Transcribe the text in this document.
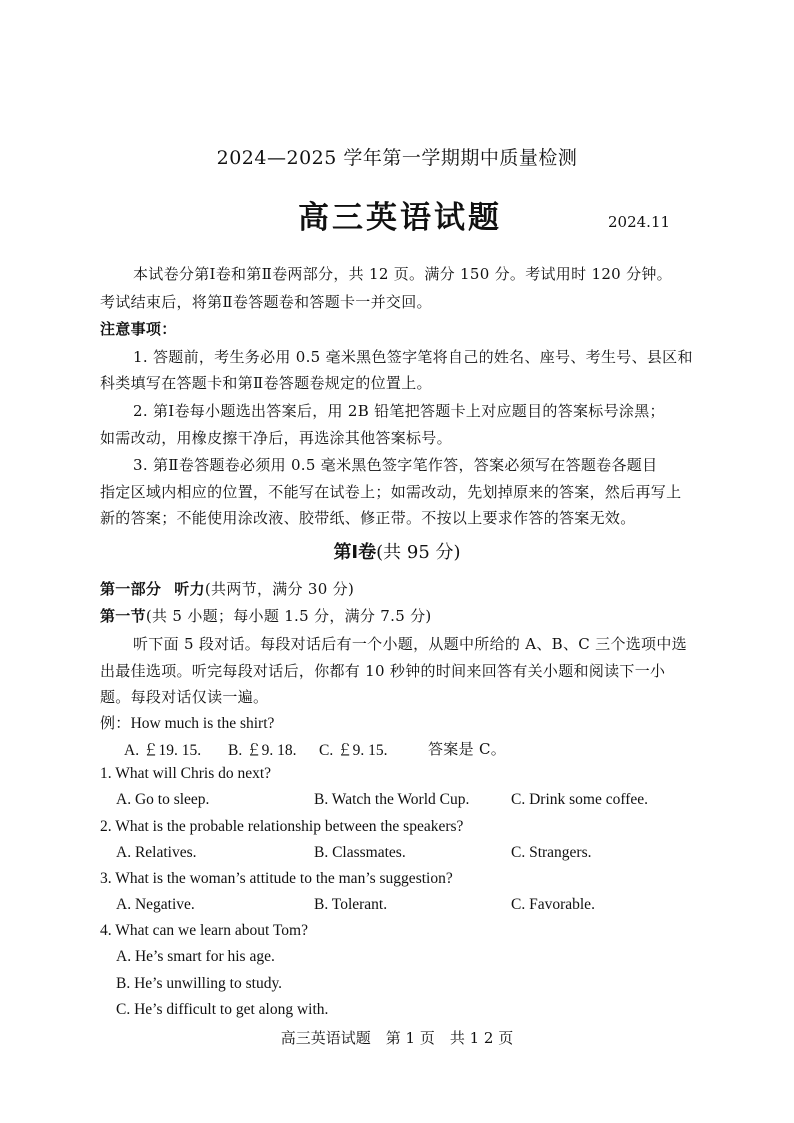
2024—2025 学年第一学期期中质量检测
高三英语试题	2024.11
本试卷分第Ⅰ卷和第Ⅱ卷两部分，共 12 页。满分 150 分。考试用时 120 分钟。
考试结束后，将第Ⅱ卷答题卷和答题卡一并交回。
注意事项：
1. 答题前，考生务必用 0.5 毫米黑色签字笔将自己的姓名、座号、考生号、县区和
科类填写在答题卡和第Ⅱ卷答题卷规定的位置上。
2. 第Ⅰ卷每小题选出答案后，用 2B 铅笔把答题卡上对应题目的答案标号涂黑；
如需改动，用橡皮擦干净后，再选涂其他答案标号。
3. 第Ⅱ卷答题卷必须用 0.5 毫米黑色签字笔作答，答案必须写在答题卷各题目
指定区域内相应的位置，不能写在试卷上；如需改动，先划掉原来的答案，然后再写上
新的答案；不能使用涂改液、胶带纸、修正带。不按以上要求作答的答案无效。
第Ⅰ卷(共 95 分)
第一部分 听力(共两节，满分 30 分)
第一节(共 5 小题；每小题 1.5 分，满分 7.5 分)
听下面 5 段对话。每段对话后有一个小题，从题中所给的 A、B、C 三个选项中选
出最佳选项。听完每段对话后，你都有 10 秒钟的时间来回答有关小题和阅读下一小
题。每段对话仅读一遍。
例：How much is the shirt?
A. ￡19. 15. B. ￡9. 18. C. ￡9. 15.	答案是 C。
1. What will Chris do next?
A. Go to sleep.	B. Watch the World Cup.	C. Drink some coffee.
2. What is the probable relationship between the speakers?
A. Relatives.	B. Classmates.	C. Strangers.
3. What is the woman’s attitude to the man’s suggestion?
A. Negative.	B. Tolerant.	C. Favorable.
4. What can we learn about Tom?
A. He’s smart for his age.
B. He’s unwilling to study.
C. He’s difficult to get along with.
高三英语试题　第 1 页　共 1 2 页
